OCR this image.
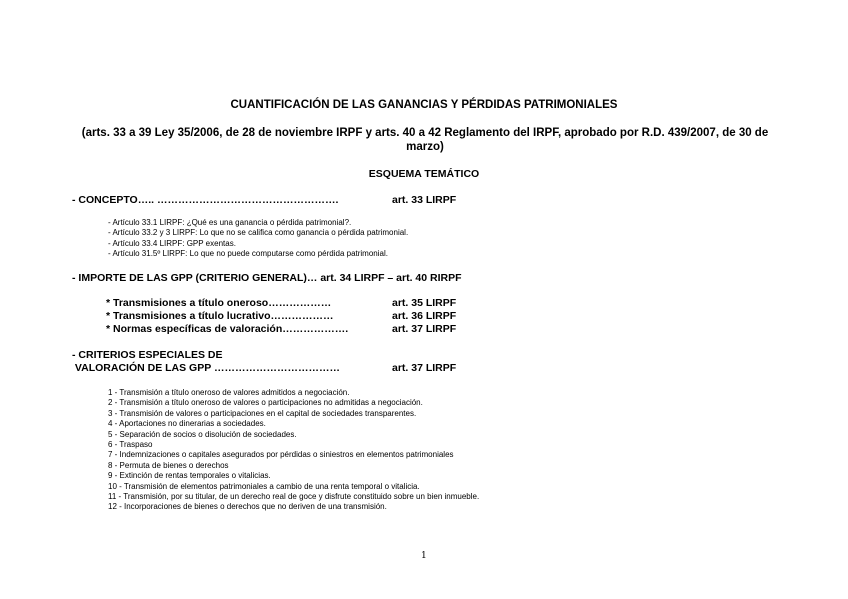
CUANTIFICACIÓN DE LAS GANANCIAS Y PÉRDIDAS PATRIMONIALES
(arts. 33 a 39 Ley 35/2006, de 28 de noviembre IRPF y arts. 40 a 42 Reglamento del IRPF, aprobado por R.D. 439/2007, de 30 de marzo)
ESQUEMA TEMÁTICO
- CONCEPTO….. …………………………………………….	art. 33 LIRPF
- Artículo 33.1 LIRPF: ¿Qué es una ganancia o pérdida patrimonial?.
- Artículo 33.2 y 3 LIRPF: Lo que no se califica como ganancia o pérdida patrimonial.
- Artículo 33.4 LIRPF: GPP exentas.
- Artículo 31.5º LIRPF: Lo que no puede computarse como pérdida patrimonial.
- IMPORTE DE LAS GPP (CRITERIO GENERAL)… art. 34 LIRPF – art. 40 RIRPF
* Transmisiones a título oneroso………………	art. 35 LIRPF
* Transmisiones a título lucrativo………………	art. 36 LIRPF
* Normas específicas de valoración……………….	art. 37 LIRPF
- CRITERIOS ESPECIALES DE
VALORACIÓN DE LAS GPP ………………………………	art. 37 LIRPF
1 - Transmisión a título oneroso de valores admitidos a negociación.
2 - Transmisión a título oneroso de valores o participaciones no admitidas a negociación.
3 - Transmisión de valores o participaciones en el capital de sociedades transparentes.
4 - Aportaciones no dinerarias a sociedades.
5 - Separación de socios o disolución de sociedades.
6 - Traspaso
7 - Indemnizaciones o capitales asegurados por pérdidas o siniestros en elementos patrimoniales
8 - Permuta de bienes o derechos
9 - Extinción de rentas temporales o vitalicias.
10 - Transmisión de elementos patrimoniales a cambio de una renta temporal o vitalicia.
11 - Transmisión, por su titular, de un derecho real de goce y disfrute constituido sobre un bien inmueble.
12 - Incorporaciones de bienes o derechos que no deriven de una transmisión.
1
